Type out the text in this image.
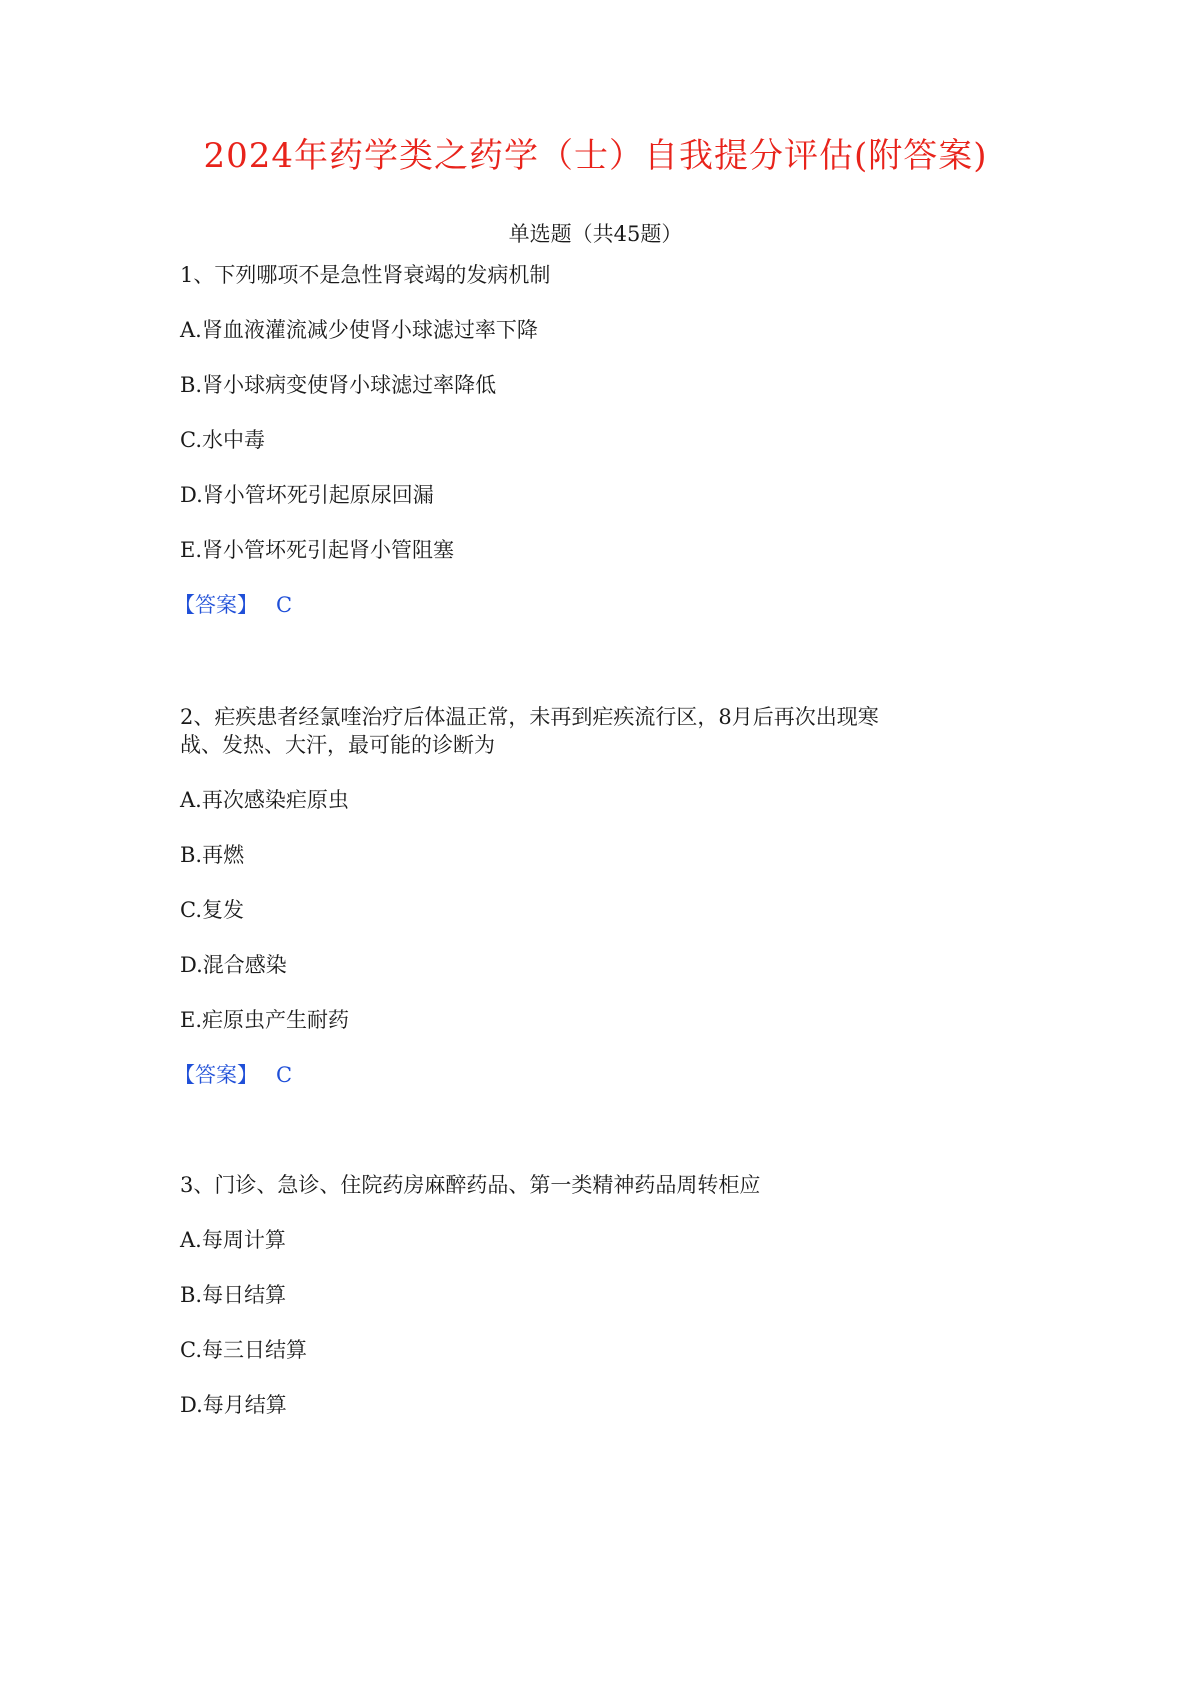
2024年药学类之药学（士）自我提分评估(附答案)
单选题（共45题）
1、下列哪项不是急性肾衰竭的发病机制
A.肾血液灌流减少使肾小球滤过率下降
B.肾小球病变使肾小球滤过率降低
C.水中毒
D.肾小管坏死引起原尿回漏
E.肾小管坏死引起肾小管阻塞
【答案】 C
2、疟疾患者经氯喹治疗后体温正常，未再到疟疾流行区，8月后再次出现寒
战、发热、大汗，最可能的诊断为
A.再次感染疟原虫
B.再燃
C.复发
D.混合感染
E.疟原虫产生耐药
【答案】 C
3、门诊、急诊、住院药房麻醉药品、第一类精神药品周转柜应
A.每周计算
B.每日结算
C.每三日结算
D.每月结算
